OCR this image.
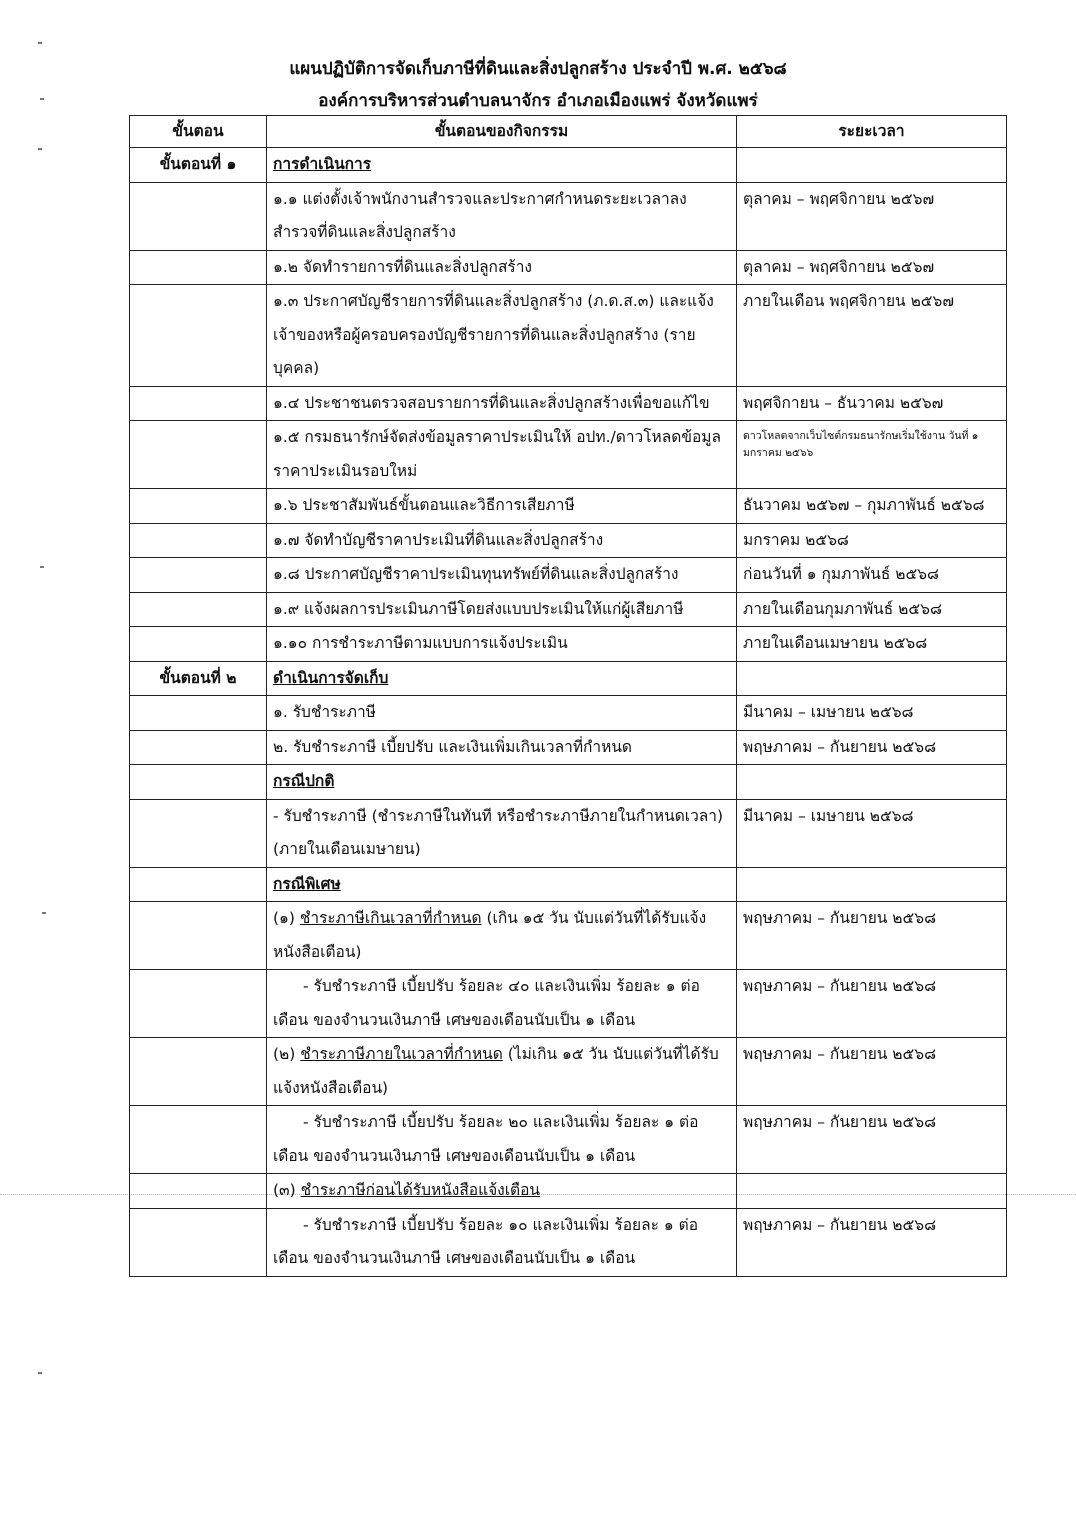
แผนปฏิบัติการจัดเก็บภาษีที่ดินและสิ่งปลูกสร้าง ประจำปี พ.ศ. ๒๕๖๘
องค์การบริหารส่วนตำบลนาจักร อำเภอเมืองแพร่ จังหวัดแพร่
ขั้นตอน	ขั้นตอนของกิจกรรม	ระยะเวลา
ขั้นตอนที่ ๑	การดำเนินการ	
	๑.๑ แต่งตั้งเจ้าพนักงานสำรวจและประกาศกำหนดระยะเวลาลงสำรวจที่ดินและสิ่งปลูกสร้าง	ตุลาคม – พฤศจิกายน ๒๕๖๗
	๑.๒ จัดทำรายการที่ดินและสิ่งปลูกสร้าง	ตุลาคม – พฤศจิกายน ๒๕๖๗
	๑.๓ ประกาศบัญชีรายการที่ดินและสิ่งปลูกสร้าง (ภ.ด.ส.๓) และแจ้งเจ้าของหรือผู้ครอบครองบัญชีรายการที่ดินและสิ่งปลูกสร้าง (รายบุคคล)	ภายในเดือน พฤศจิกายน ๒๕๖๗
	๑.๔ ประชาชนตรวจสอบรายการที่ดินและสิ่งปลูกสร้างเพื่อขอแก้ไข	พฤศจิกายน – ธันวาคม ๒๕๖๗
	๑.๕ กรมธนารักษ์จัดส่งข้อมูลราคาประเมินให้ อปท./ดาวโหลดข้อมูลราคาประเมินรอบใหม่	ดาวโหลดจากเว็บไซต์กรมธนารักษเริ่มใช้งาน วันที่ ๑ มกราคม ๒๕๖๖
	๑.๖ ประชาสัมพันธ์ขั้นตอนและวิธีการเสียภาษี	ธันวาคม ๒๕๖๗ – กุมภาพันธ์ ๒๕๖๘
	๑.๗ จัดทำบัญชีราคาประเมินที่ดินและสิ่งปลูกสร้าง	มกราคม ๒๕๖๘
	๑.๘ ประกาศบัญชีราคาประเมินทุนทรัพย์ที่ดินและสิ่งปลูกสร้าง	ก่อนวันที่ ๑ กุมภาพันธ์ ๒๕๖๘
	๑.๙ แจ้งผลการประเมินภาษีโดยส่งแบบประเมินให้แก่ผู้เสียภาษี	ภายในเดือนกุมภาพันธ์ ๒๕๖๘
	๑.๑๐ การชำระภาษีตามแบบการแจ้งประเมิน	ภายในเดือนเมษายน ๒๕๖๘
ขั้นตอนที่ ๒	ดำเนินการจัดเก็บ	
	๑. รับชำระภาษี	มีนาคม – เมษายน ๒๕๖๘
	๒. รับชำระภาษี เบี้ยปรับ และเงินเพิ่มเกินเวลาที่กำหนด	พฤษภาคม – กันยายน ๒๕๖๘
	กรณีปกติ	
	- รับชำระภาษี (ชำระภาษีในทันที หรือชำระภาษีภายในกำหนดเวลา) (ภายในเดือนเมษายน)	มีนาคม – เมษายน ๒๕๖๘
	กรณีพิเศษ	
	(๑) ชำระภาษีเกินเวลาที่กำหนด (เกิน ๑๕ วัน นับแต่วันที่ได้รับแจ้งหนังสือเตือน)	พฤษภาคม – กันยายน ๒๕๖๘
	- รับชำระภาษี เบี้ยปรับ ร้อยละ ๔๐ และเงินเพิ่ม ร้อยละ ๑ ต่อเดือน ของจำนวนเงินภาษี เศษของเดือนนับเป็น ๑ เดือน	พฤษภาคม – กันยายน ๒๕๖๘
	(๒) ชำระภาษีภายในเวลาที่กำหนด (ไม่เกิน ๑๕ วัน นับแต่วันที่ได้รับแจ้งหนังสือเตือน)	พฤษภาคม – กันยายน ๒๕๖๘
	- รับชำระภาษี เบี้ยปรับ ร้อยละ ๒๐ และเงินเพิ่ม ร้อยละ ๑ ต่อเดือน ของจำนวนเงินภาษี เศษของเดือนนับเป็น ๑ เดือน	พฤษภาคม – กันยายน ๒๕๖๘
	(๓) ชำระภาษีก่อนได้รับหนังสือแจ้งเตือน	
	- รับชำระภาษี เบี้ยปรับ ร้อยละ ๑๐ และเงินเพิ่ม ร้อยละ ๑ ต่อเดือน ของจำนวนเงินภาษี เศษของเดือนนับเป็น ๑ เดือน	พฤษภาคม – กันยายน ๒๕๖๘
